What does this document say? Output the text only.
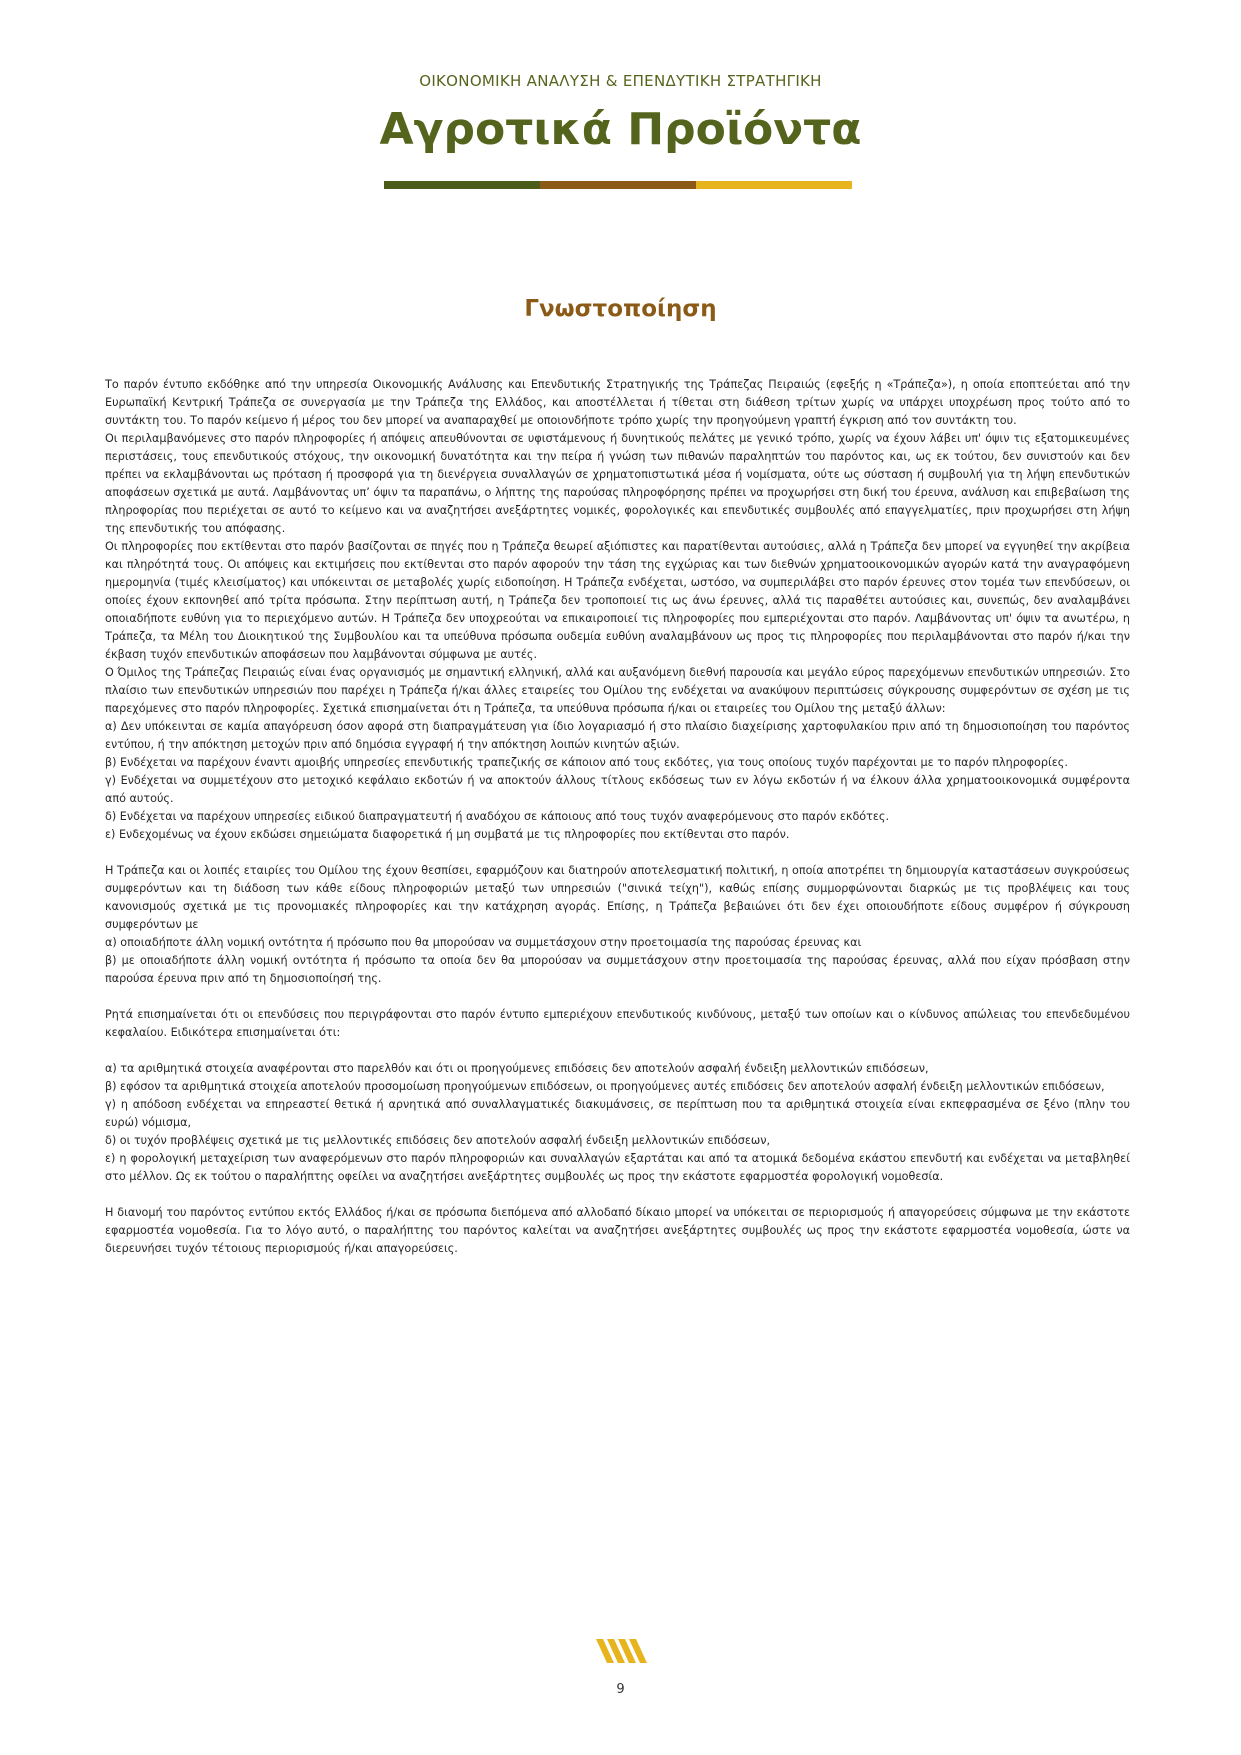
ΟΙΚΟΝΟΜΙΚΗ ΑΝΑΛΥΣΗ & ΕΠΕΝΔΥΤΙΚΗ ΣΤΡΑΤΗΓΙΚΗ

Αγροτικά Προϊόντα
Γνωστοποίηση

Το παρόν έντυπο εκδόθηκε από την υπηρεσία Οικονομικής Ανάλυσης και Επενδυτικής Στρατηγικής της Τράπεζας Πειραιώς (εφεξής η «Τράπεζα»), η οποία εποπτεύεται από την Ευρωπαϊκή Κεντρική Τράπεζα σε συνεργασία με την Τράπεζα της Ελλάδος, και αποστέλλεται ή τίθεται στη διάθεση τρίτων χωρίς να υπάρχει υποχρέωση προς τούτο από το συντάκτη του. Το παρόν κείμενο ή μέρος του δεν μπορεί να αναπαραχθεί με οποιονδήποτε τρόπο χωρίς την προηγούμενη γραπτή έγκριση από τον συντάκτη του.

Οι περιλαμβανόμενες στο παρόν πληροφορίες ή απόψεις απευθύνονται σε υφιστάμενους ή δυνητικούς πελάτες με γενικό τρόπο, χωρίς να έχουν λάβει υπ' όψιν τις εξατομικευμένες περιστάσεις, τους επενδυτικούς στόχους, την οικονομική δυνατότητα και την πείρα ή γνώση των πιθανών παραληπτών του παρόντος και, ως εκ τούτου, δεν συνιστούν και δεν πρέπει να εκλαμβάνονται ως πρόταση ή προσφορά για τη διενέργεια συναλλαγών σε χρηματοπιστωτικά μέσα ή νομίσματα, ούτε ως σύσταση ή συμβουλή για τη λήψη επενδυτικών αποφάσεων σχετικά με αυτά. Λαμβάνοντας υπ’ όψιν τα παραπάνω, ο λήπτης της παρούσας πληροφόρησης πρέπει να προχωρήσει στη δική του έρευνα, ανάλυση και επιβεβαίωση της πληροφορίας που περιέχεται σε αυτό το κείμενο και να αναζητήσει ανεξάρτητες νομικές, φορολογικές και επενδυτικές συμβουλές από επαγγελματίες, πριν προχωρήσει στη λήψη της επενδυτικής του απόφασης.

Οι πληροφορίες που εκτίθενται στο παρόν βασίζονται σε πηγές που η Τράπεζα θεωρεί αξιόπιστες και παρατίθενται αυτούσιες, αλλά η Τράπεζα δεν μπορεί να εγγυηθεί την ακρίβεια και πληρότητά τους. Οι απόψεις και εκτιμήσεις που εκτίθενται στο παρόν αφορούν την τάση της εγχώριας και των διεθνών χρηματοοικονομικών αγορών κατά την αναγραφόμενη ημερομηνία (τιμές κλεισίματος) και υπόκεινται σε μεταβολές χωρίς ειδοποίηση. Η Τράπεζα ενδέχεται, ωστόσο, να συμπεριλάβει στο παρόν έρευνες στον τομέα των επενδύσεων, οι οποίες έχουν εκπονηθεί από τρίτα πρόσωπα. Στην περίπτωση αυτή, η Τράπεζα δεν τροποποιεί τις ως άνω έρευνες, αλλά τις παραθέτει αυτούσιες και, συνεπώς, δεν αναλαμβάνει οποιαδήποτε ευθύνη για το περιεχόμενο αυτών. Η Τράπεζα δεν υποχρεούται να επικαιροποιεί τις πληροφορίες που εμπεριέχονται στο παρόν. Λαμβάνοντας υπ' όψιν τα ανωτέρω, η Τράπεζα, τα Μέλη του Διοικητικού της Συμβουλίου και τα υπεύθυνα πρόσωπα ουδεμία ευθύνη αναλαμβάνουν ως προς τις πληροφορίες που περιλαμβάνονται στο παρόν ή/και την έκβαση τυχόν επενδυτικών αποφάσεων που λαμβάνονται σύμφωνα με αυτές.

Ο Όμιλος της Τράπεζας Πειραιώς είναι ένας οργανισμός με σημαντική ελληνική, αλλά και αυξανόμενη διεθνή παρουσία και μεγάλο εύρος παρεχόμενων επενδυτικών υπηρεσιών. Στο πλαίσιο των επενδυτικών υπηρεσιών που παρέχει η Τράπεζα ή/και άλλες εταιρείες του Ομίλου της ενδέχεται να ανακύψουν περιπτώσεις σύγκρουσης συμφερόντων σε σχέση με τις παρεχόμενες στο παρόν πληροφορίες. Σχετικά επισημαίνεται ότι η Τράπεζα, τα υπεύθυνα πρόσωπα ή/και οι εταιρείες του Ομίλου της μεταξύ άλλων:

α) Δεν υπόκεινται σε καμία απαγόρευση όσον αφορά στη διαπραγμάτευση για ίδιο λογαριασμό ή στο πλαίσιο διαχείρισης χαρτοφυλακίου πριν από τη δημοσιοποίηση του παρόντος εντύπου, ή την απόκτηση μετοχών πριν από δημόσια εγγραφή ή την απόκτηση λοιπών κινητών αξιών.

β) Ενδέχεται να παρέχουν έναντι αμοιβής υπηρεσίες επενδυτικής τραπεζικής σε κάποιον από τους εκδότες, για τους οποίους τυχόν παρέχονται με το παρόν πληροφορίες.

γ) Ενδέχεται να συμμετέχουν στο μετοχικό κεφάλαιο εκδοτών ή να αποκτούν άλλους τίτλους εκδόσεως των εν λόγω εκδοτών ή να έλκουν άλλα χρηματοοικονομικά συμφέροντα από αυτούς.

δ) Ενδέχεται να παρέχουν υπηρεσίες ειδικού διαπραγματευτή ή αναδόχου σε κάποιους από τους τυχόν αναφερόμενους στο παρόν εκδότες.

ε) Ενδεχομένως να έχουν εκδώσει σημειώματα διαφορετικά ή μη συμβατά με τις πληροφορίες που εκτίθενται στο παρόν.

Η Τράπεζα και οι λοιπές εταιρίες του Ομίλου της έχουν θεσπίσει, εφαρμόζουν και διατηρούν αποτελεσματική πολιτική, η οποία αποτρέπει τη δημιουργία καταστάσεων συγκρούσεως συμφερόντων και τη διάδοση των κάθε είδους πληροφοριών μεταξύ των υπηρεσιών ("σινικά τείχη"), καθώς επίσης συμμορφώνονται διαρκώς με τις προβλέψεις και τους κανονισμούς σχετικά με τις προνομιακές πληροφορίες και την κατάχρηση αγοράς. Επίσης, η Τράπεζα βεβαιώνει ότι δεν έχει οποιουδήποτε είδους συμφέρον ή σύγκρουση συμφερόντων με

α) οποιαδήποτε άλλη νομική οντότητα ή πρόσωπο που θα μπορούσαν να συμμετάσχουν στην προετοιμασία της παρούσας έρευνας και

β) με οποιαδήποτε άλλη νομική οντότητα ή πρόσωπο τα οποία δεν θα μπορούσαν να συμμετάσχουν στην προετοιμασία της παρούσας έρευνας, αλλά που είχαν πρόσβαση στην παρούσα έρευνα πριν από τη δημοσιοποίησή της.

Ρητά επισημαίνεται ότι οι επενδύσεις που περιγράφονται στο παρόν έντυπο εμπεριέχουν επενδυτικούς κινδύνους, μεταξύ των οποίων και ο κίνδυνος απώλειας του επενδεδυμένου κεφαλαίου. Ειδικότερα επισημαίνεται ότι:

α) τα αριθμητικά στοιχεία αναφέρονται στο παρελθόν και ότι οι προηγούμενες επιδόσεις δεν αποτελούν ασφαλή ένδειξη μελλοντικών επιδόσεων,

β) εφόσον τα αριθμητικά στοιχεία αποτελούν προσομοίωση προηγούμενων επιδόσεων, οι προηγούμενες αυτές επιδόσεις δεν αποτελούν ασφαλή ένδειξη μελλοντικών επιδόσεων,

γ) η απόδοση ενδέχεται να επηρεαστεί θετικά ή αρνητικά από συναλλαγματικές διακυμάνσεις, σε περίπτωση που τα αριθμητικά στοιχεία είναι εκπεφρασμένα σε ξένο (πλην του ευρώ) νόμισμα,

δ) οι τυχόν προβλέψεις σχετικά με τις μελλοντικές επιδόσεις δεν αποτελούν ασφαλή ένδειξη μελλοντικών επιδόσεων,

ε) η φορολογική μεταχείριση των αναφερόμενων στο παρόν πληροφοριών και συναλλαγών εξαρτάται και από τα ατομικά δεδομένα εκάστου επενδυτή και ενδέχεται να μεταβληθεί στο μέλλον. Ως εκ τούτου ο παραλήπτης οφείλει να αναζητήσει ανεξάρτητες συμβουλές ως προς την εκάστοτε εφαρμοστέα φορολογική νομοθεσία.

Η διανομή του παρόντος εντύπου εκτός Ελλάδος ή/και σε πρόσωπα διεπόμενα από αλλοδαπό δίκαιο μπορεί να υπόκειται σε περιορισμούς ή απαγορεύσεις σύμφωνα με την εκάστοτε εφαρμοστέα νομοθεσία. Για το λόγο αυτό, ο παραλήπτης του παρόντος καλείται να αναζητήσει ανεξάρτητες συμβουλές ως προς την εκάστοτε εφαρμοστέα νομοθεσία, ώστε να διερευνήσει τυχόν τέτοιους περιορισμούς ή/και απαγορεύσεις.

9
